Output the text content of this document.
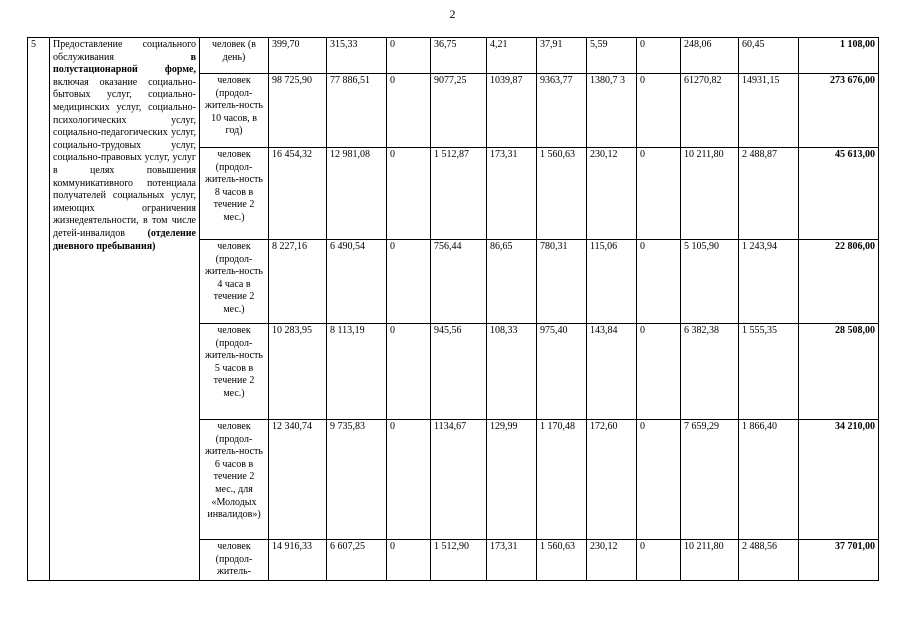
2
5	Предоставление социального обслуживания в полустационарной форме, включая оказание социально-бытовых услуг, социально-медицинских услуг, социально-психологических услуг, социально-педагогических услуг, социально-трудовых услуг, социально-правовых услуг, услуг в целях повышения коммуникативного потенциала получателей социальных услуг, имеющих ограничения жизнедеятельности, в том числе детей-инвалидов (отделение дневного пребывания)	человек (в день)	399,70	315,33	0	36,75	4,21	37,91	5,59	0	248,06	60,45	1 108,00
		человек (продол-житель-ность 10 часов, в год)	98 725,90	77 886,51	0	9077,25	1039,87	9363,77	1380,7 3	0	61270,82	14931,15	273 676,00
		человек (продол-житель-ность 8 часов в течение 2 мес.)	16 454,32	12 981,08	0	1 512,87	173,31	1 560,63	230,12	0	10 211,80	2 488,87	45 613,00
		человек (продол-житель-ность 4 часа в течение 2 мес.)	8 227,16	6 490,54	0	756,44	86,65	780,31	115,06	0	5 105,90	1 243,94	22 806,00
		человек (продол-житель-ность 5 часов в течение 2 мес.)	10 283,95	8 113,19	0	945,56	108,33	975,40	143,84	0	6 382,38	1 555,35	28 508,00
		человек (продол-житель-ность 6 часов в течение 2 мес., для «Молодых инвалидов»)	12 340,74	9 735,83	0	1134,67	129,99	1 170,48	172,60	0	7 659,29	1 866,40	34 210,00
		человек (продол-житель-	14 916,33	6 607,25	0	1 512,90	173,31	1 560,63	230,12	0	10 211,80	2 488,56	37 701,00
